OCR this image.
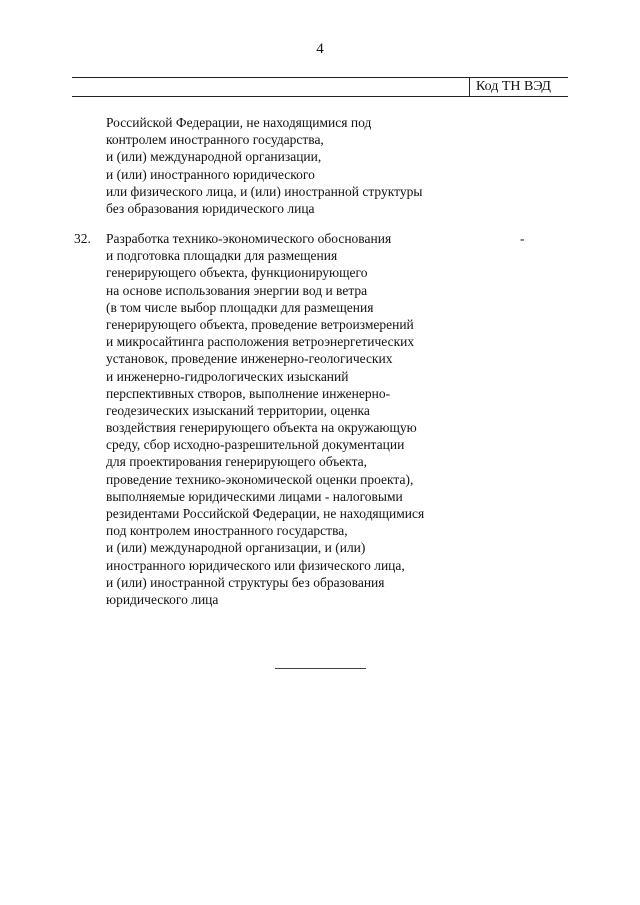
4
Код ТН ВЭД
Российской Федерации, не находящимися под
контролем иностранного государства,
и (или) международной организации,
и (или) иностранного юридического
или физического лица, и (или) иностранной структуры
без образования юридического лица
32. Разработка технико-экономического обоснования
и подготовка площадки для размещения
генерирующего объекта, функционирующего
на основе использования энергии вод и ветра
(в том числе выбор площадки для размещения
генерирующего объекта, проведение ветроизмерений
и микросайтинга расположения ветроэнергетических
установок, проведение инженерно-геологических
и инженерно-гидрологических изысканий
перспективных створов, выполнение инженерно-
геодезических изысканий территории, оценка
воздействия генерирующего объекта на окружающую
среду, сбор исходно-разрешительной документации
для проектирования генерирующего объекта,
проведение технико-экономической оценки проекта),
выполняемые юридическими лицами - налоговыми
резидентами Российской Федерации, не находящимися
под контролем иностранного государства,
и (или) международной организации, и (или)
иностранного юридического или физического лица,
и (или) иностранной структуры без образования
юридического лица
-
